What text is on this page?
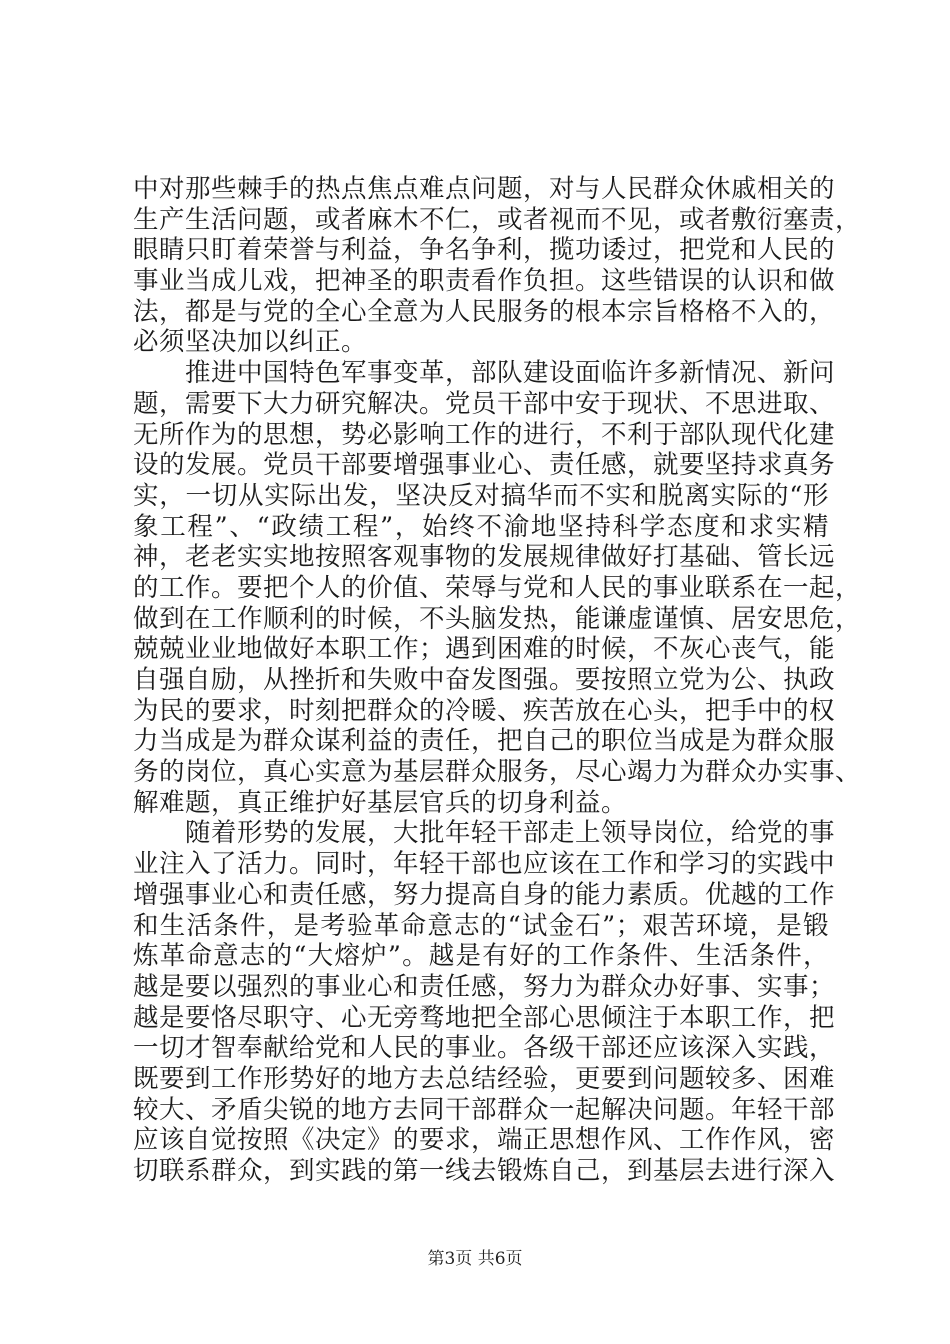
中对那些棘手的热点焦点难点问题，对与人民群众休戚相关的
生产生活问题，或者麻木不仁，或者视而不见，或者敷衍塞责，
眼睛只盯着荣誉与利益，争名争利，揽功诿过，把党和人民的
事业当成儿戏，把神圣的职责看作负担。这些错误的认识和做
法，都是与党的全心全意为人民服务的根本宗旨格格不入的，
必须坚决加以纠正。
　　推进中国特色军事变革，部队建设面临许多新情况、新问
题，需要下大力研究解决。党员干部中安于现状、不思进取、
无所作为的思想，势必影响工作的进行，不利于部队现代化建
设的发展。党员干部要增强事业心、责任感，就要坚持求真务
实，一切从实际出发，坚决反对搞华而不实和脱离实际的“形
象工程”、“政绩工程”，始终不渝地坚持科学态度和求实精
神，老老实实地按照客观事物的发展规律做好打基础、管长远
的工作。要把个人的价值、荣辱与党和人民的事业联系在一起，
做到在工作顺利的时候，不头脑发热，能谦虚谨慎、居安思危，
兢兢业业地做好本职工作；遇到困难的时候，不灰心丧气，能
自强自励，从挫折和失败中奋发图强。要按照立党为公、执政
为民的要求，时刻把群众的冷暖、疾苦放在心头，把手中的权
力当成是为群众谋利益的责任，把自己的职位当成是为群众服
务的岗位，真心实意为基层群众服务，尽心竭力为群众办实事、
解难题，真正维护好基层官兵的切身利益。
　　随着形势的发展，大批年轻干部走上领导岗位，给党的事
业注入了活力。同时，年轻干部也应该在工作和学习的实践中
增强事业心和责任感，努力提高自身的能力素质。优越的工作
和生活条件，是考验革命意志的“试金石”；艰苦环境，是锻
炼革命意志的“大熔炉”。越是有好的工作条件、生活条件，
越是要以强烈的事业心和责任感，努力为群众办好事、实事；
越是要恪尽职守、心无旁骛地把全部心思倾注于本职工作，把
一切才智奉献给党和人民的事业。各级干部还应该深入实践，
既要到工作形势好的地方去总结经验，更要到问题较多、困难
较大、矛盾尖锐的地方去同干部群众一起解决问题。年轻干部
应该自觉按照《决定》的要求，端正思想作风、工作作风，密
切联系群众，到实践的第一线去锻炼自己，到基层去进行深入
第3页 共6页
